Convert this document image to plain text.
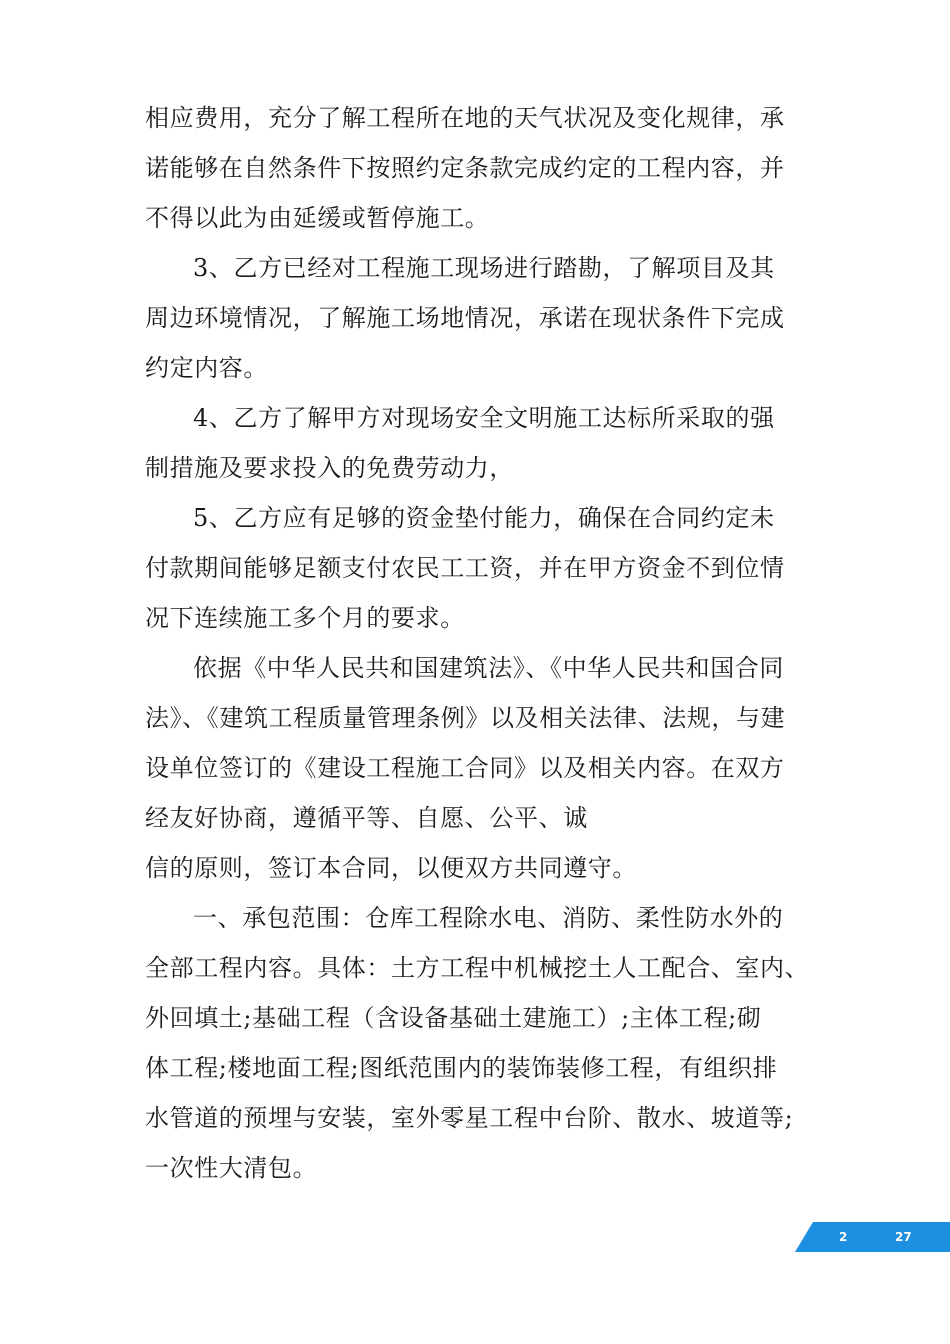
相应费用，充分了解工程所在地的天气状况及变化规律，承
诺能够在自然条件下按照约定条款完成约定的工程内容，并
不得以此为由延缓或暂停施工。
3、乙方已经对工程施工现场进行踏勘，了解项目及其
周边环境情况，了解施工场地情况，承诺在现状条件下完成
约定内容。
4、乙方了解甲方对现场安全文明施工达标所采取的强
制措施及要求投入的免费劳动力，
5、乙方应有足够的资金垫付能力，确保在合同约定未
付款期间能够足额支付农民工工资，并在甲方资金不到位情
况下连续施工多个月的要求。
依据《中华人民共和国建筑法》、《中华人民共和国合同
法》、《建筑工程质量管理条例》以及相关法律、法规，与建
设单位签订的《建设工程施工合同》以及相关内容。在双方
经友好协商，遵循平等、自愿、公平、诚
信的原则，签订本合同，以便双方共同遵守。
一、承包范围：仓库工程除水电、消防、柔性防水外的
全部工程内容。具体：土方工程中机械挖土人工配合、室内、
外回填土;基础工程（含设备基础土建施工）;主体工程;砌
体工程;楼地面工程;图纸范围内的装饰装修工程，有组织排
水管道的预埋与安装，室外零星工程中台阶、散水、坡道等;
一次性大清包。
2	27
